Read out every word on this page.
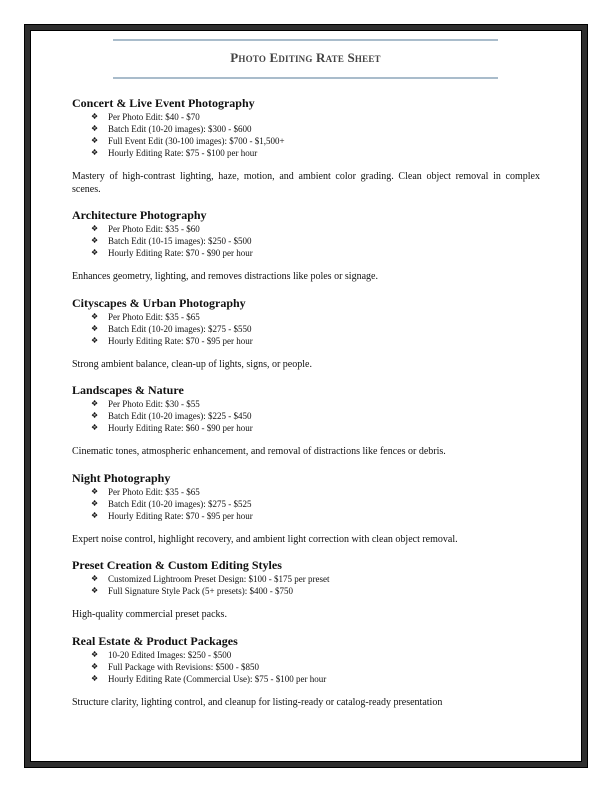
Photo Editing Rate Sheet
Concert & Live Event Photography
❖ Per Photo Edit: $40 - $70
❖ Batch Edit (10-20 images): $300 - $600
❖ Full Event Edit (30-100 images): $700 - $1,500+
❖ Hourly Editing Rate: $75 - $100 per hour

Mastery of high-contrast lighting, haze, motion, and ambient color grading. Clean object removal in complex scenes.

Architecture Photography
❖ Per Photo Edit: $35 - $60
❖ Batch Edit (10-15 images): $250 - $500
❖ Hourly Editing Rate: $70 - $90 per hour

Enhances geometry, lighting, and removes distractions like poles or signage.

Cityscapes & Urban Photography
❖ Per Photo Edit: $35 - $65
❖ Batch Edit (10-20 images): $275 - $550
❖ Hourly Editing Rate: $70 - $95 per hour

Strong ambient balance, clean-up of lights, signs, or people.

Landscapes & Nature
❖ Per Photo Edit: $30 - $55
❖ Batch Edit (10-20 images): $225 - $450
❖ Hourly Editing Rate: $60 - $90 per hour

Cinematic tones, atmospheric enhancement, and removal of distractions like fences or debris.

Night Photography
❖ Per Photo Edit: $35 - $65
❖ Batch Edit (10-20 images): $275 - $525
❖ Hourly Editing Rate: $70 - $95 per hour

Expert noise control, highlight recovery, and ambient light correction with clean object removal.

Preset Creation & Custom Editing Styles
❖ Customized Lightroom Preset Design: $100 - $175 per preset
❖ Full Signature Style Pack (5+ presets): $400 - $750

High-quality commercial preset packs.

Real Estate & Product Packages
❖ 10-20 Edited Images: $250 - $500
❖ Full Package with Revisions: $500 - $850
❖ Hourly Editing Rate (Commercial Use): $75 - $100 per hour

Structure clarity, lighting control, and cleanup for listing-ready or catalog-ready presentation
